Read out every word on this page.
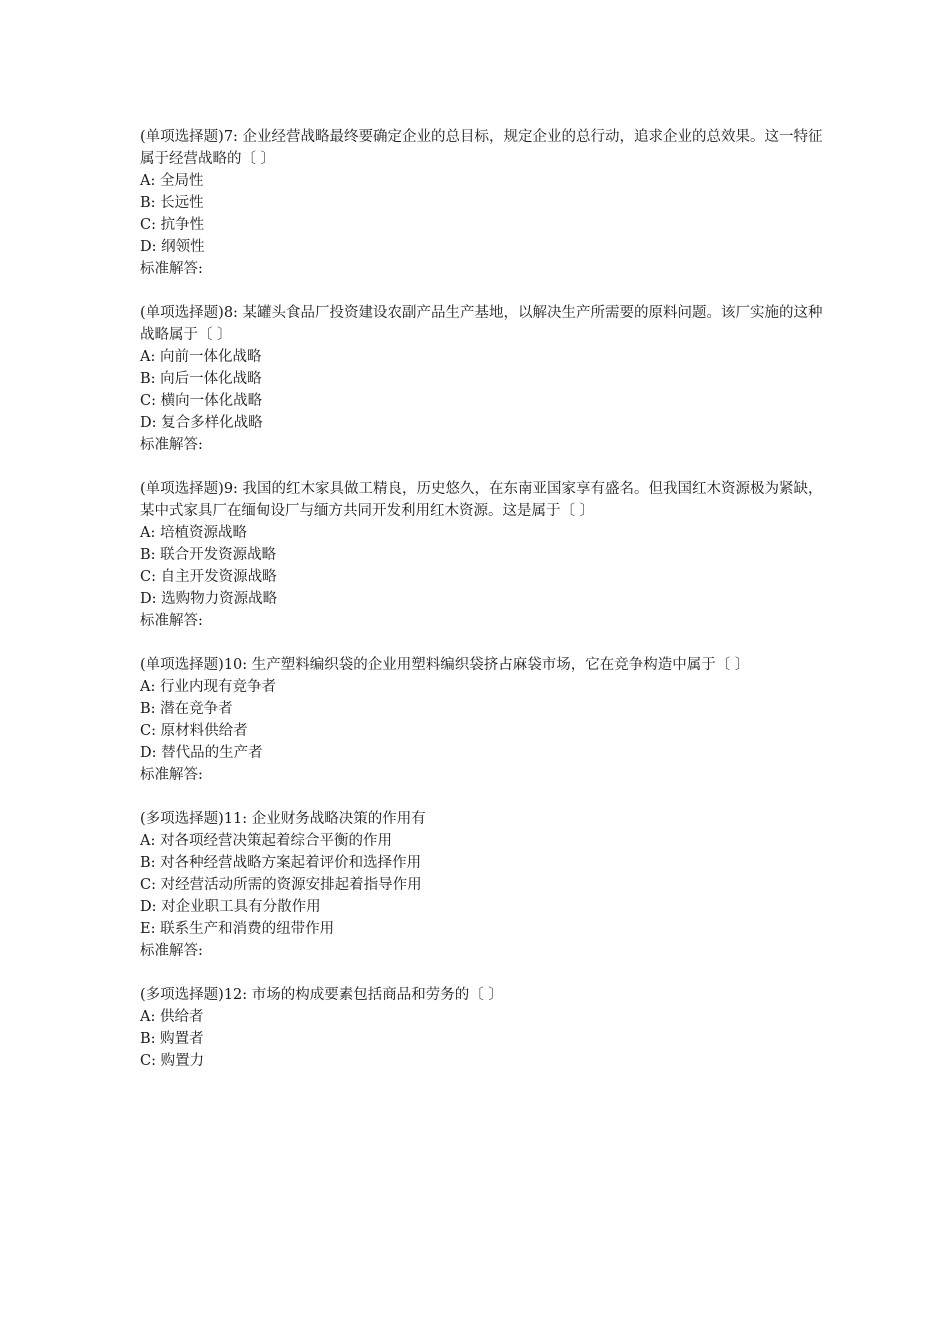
(单项选择题)7: 企业经营战略最终要确定企业的总目标，规定企业的总行动，追求企业的总效果。这一特征属于经营战略的〔 〕
A: 全局性
B: 长远性
C: 抗争性
D: 纲领性
标准解答:
(单项选择题)8: 某罐头食品厂投资建设农副产品生产基地，以解决生产所需要的原料问题。该厂实施的这种战略属于〔 〕
A: 向前一体化战略
B: 向后一体化战略
C: 横向一体化战略
D: 复合多样化战略
标准解答:
(单项选择题)9: 我国的红木家具做工精良，历史悠久，在东南亚国家享有盛名。但我国红木资源极为紧缺，某中式家具厂在缅甸设厂与缅方共同开发利用红木资源。这是属于〔 〕
A: 培植资源战略
B: 联合开发资源战略
C: 自主开发资源战略
D: 选购物力资源战略
标准解答:
(单项选择题)10: 生产塑料编织袋的企业用塑料编织袋挤占麻袋市场，它在竞争构造中属于〔 〕
A: 行业内现有竞争者
B: 潜在竞争者
C: 原材料供给者
D: 替代品的生产者
标准解答:
(多项选择题)11: 企业财务战略决策的作用有
A: 对各项经营决策起着综合平衡的作用
B: 对各种经营战略方案起着评价和选择作用
C: 对经营活动所需的资源安排起着指导作用
D: 对企业职工具有分散作用
E: 联系生产和消费的纽带作用
标准解答:
(多项选择题)12: 市场的构成要素包括商品和劳务的〔 〕
A: 供给者
B: 购置者
C: 购置力
